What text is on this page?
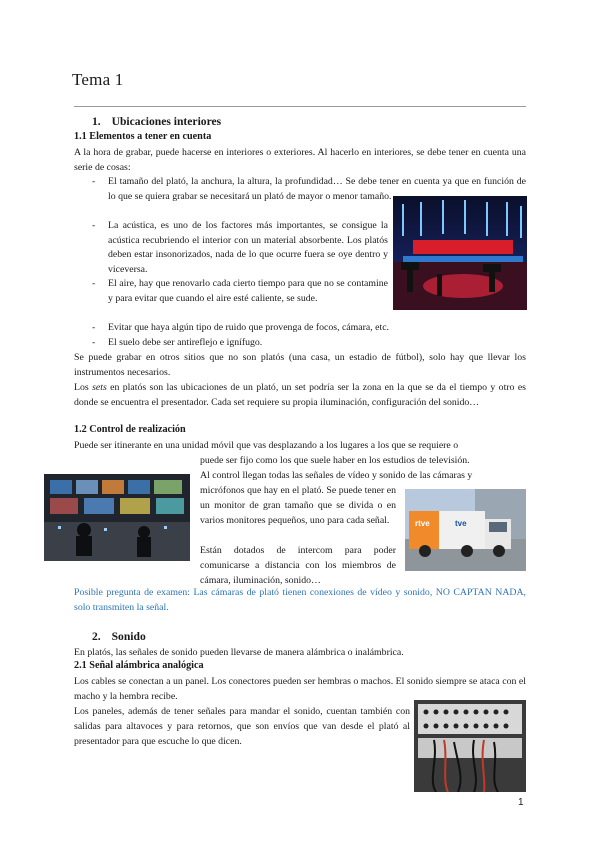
Tema 1
1. Ubicaciones interiores
1.1 Elementos a tener en cuenta
A la hora de grabar, puede hacerse en interiores o exteriores. Al hacerlo en interiores, se debe tener en cuenta una serie de cosas:
- El tamaño del plató, la anchura, la altura, la profundidad… Se debe tener en cuenta ya que en función de lo que se quiera grabar se necesitará un plató de mayor o menor tamaño.
- La acústica, es uno de los factores más importantes, se consigue la acústica recubriendo el interior con un material absorbente. Los platós deben estar insonorizados, nada de lo que ocurre fuera se oye dentro y viceversa.
- El aire, hay que renovarlo cada cierto tiempo para que no se contamine y para evitar que cuando el aire esté caliente, se sude.
- Evitar que haya algún tipo de ruido que provenga de focos, cámara, etc.
- El suelo debe ser antireflejo e ignífugo.
Se puede grabar en otros sitios que no son platós (una casa, un estadio de fútbol), solo hay que llevar los instrumentos necesarios.
Los sets en platós son las ubicaciones de un plató, un set podría ser la zona en la que se da el tiempo y otro es donde se encuentra el presentador. Cada set requiere su propia iluminación, configuración del sonido…
1.2 Control de realización
Puede ser itinerante en una unidad móvil que vas desplazando a los lugares a los que se requiere o
puede ser fijo como los que suele haber en los estudios de televisión.
Al control llegan todas las señales de vídeo y sonido de las cámaras y
micrófonos que hay en el plató. Se puede tener en un monitor de gran tamaño que se divida o en varios monitores pequeños, uno para cada señal.
Están dotados de intercom para poder comunicarse a distancia con los miembros de cámara, iluminación, sonido…
rtve	tve
Posible pregunta de examen: Las cámaras de plató tienen conexiones de vídeo y sonido, NO CAPTAN NADA, solo transmiten la señal.
2. Sonido
En platós, las señales de sonido pueden llevarse de manera alámbrica o inalámbrica.
2.1 Señal alámbrica analógica
Los cables se conectan a un panel. Los conectores pueden ser hembras o machos. El sonido siempre se ataca con el macho y la hembra recibe.
Los paneles, además de tener señales para mandar el sonido, cuentan también con salidas para altavoces y para retornos, que son envíos que van desde el plató al presentador para que escuche lo que dicen.
1
